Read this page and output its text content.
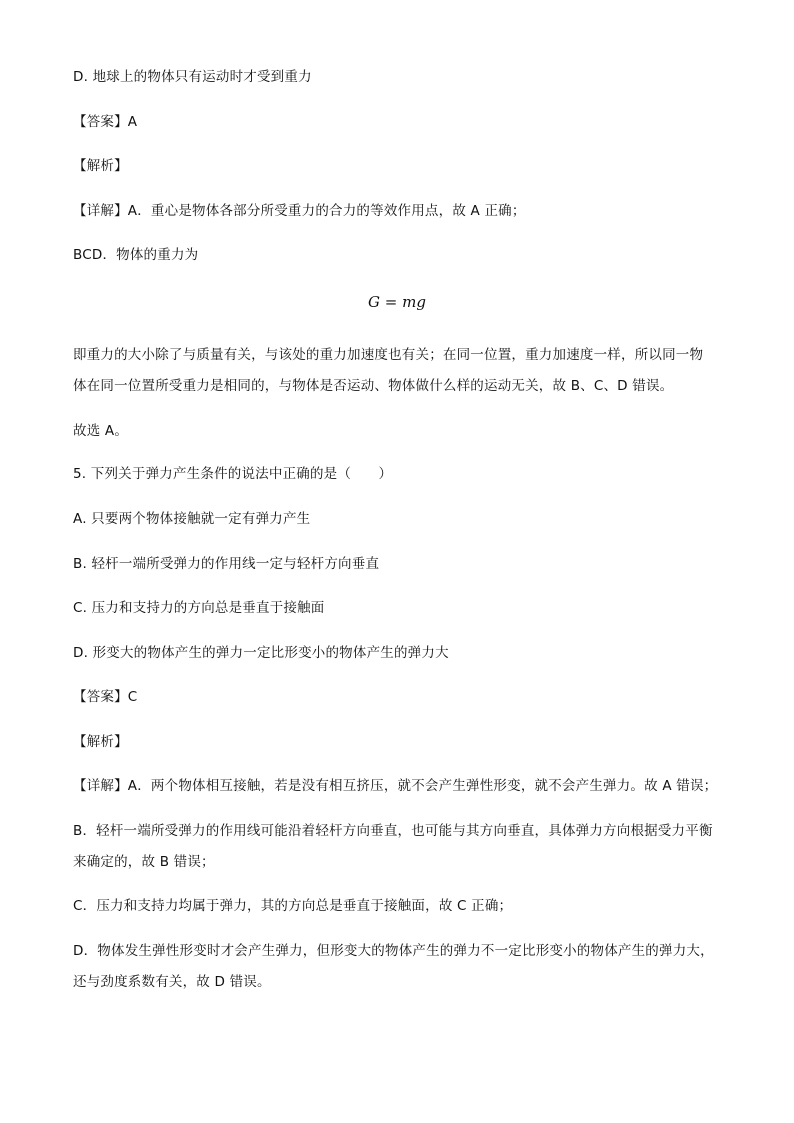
D. 地球上的物体只有运动时才受到重力
【答案】A
【解析】
【详解】A．重心是物体各部分所受重力的合力的等效作用点，故 A 正确；
BCD．物体的重力为
G = mg
即重力的大小除了与质量有关，与该处的重力加速度也有关；在同一位置，重力加速度一样，所以同一物
体在同一位置所受重力是相同的，与物体是否运动、物体做什么样的运动无关，故 B、C、D 错误。
故选 A。
5. 下列关于弹力产生条件的说法中正确的是（　　）
A. 只要两个物体接触就一定有弹力产生
B. 轻杆一端所受弹力的作用线一定与轻杆方向垂直
C. 压力和支持力的方向总是垂直于接触面
D. 形变大的物体产生的弹力一定比形变小的物体产生的弹力大
【答案】C
【解析】
【详解】A．两个物体相互接触，若是没有相互挤压，就不会产生弹性形变，就不会产生弹力。故 A 错误；
B．轻杆一端所受弹力的作用线可能沿着轻杆方向垂直，也可能与其方向垂直，具体弹力方向根据受力平衡
来确定的，故 B 错误；
C．压力和支持力均属于弹力，其的方向总是垂直于接触面，故 C 正确；
D．物体发生弹性形变时才会产生弹力，但形变大的物体产生的弹力不一定比形变小的物体产生的弹力大，
还与劲度系数有关，故 D 错误。
